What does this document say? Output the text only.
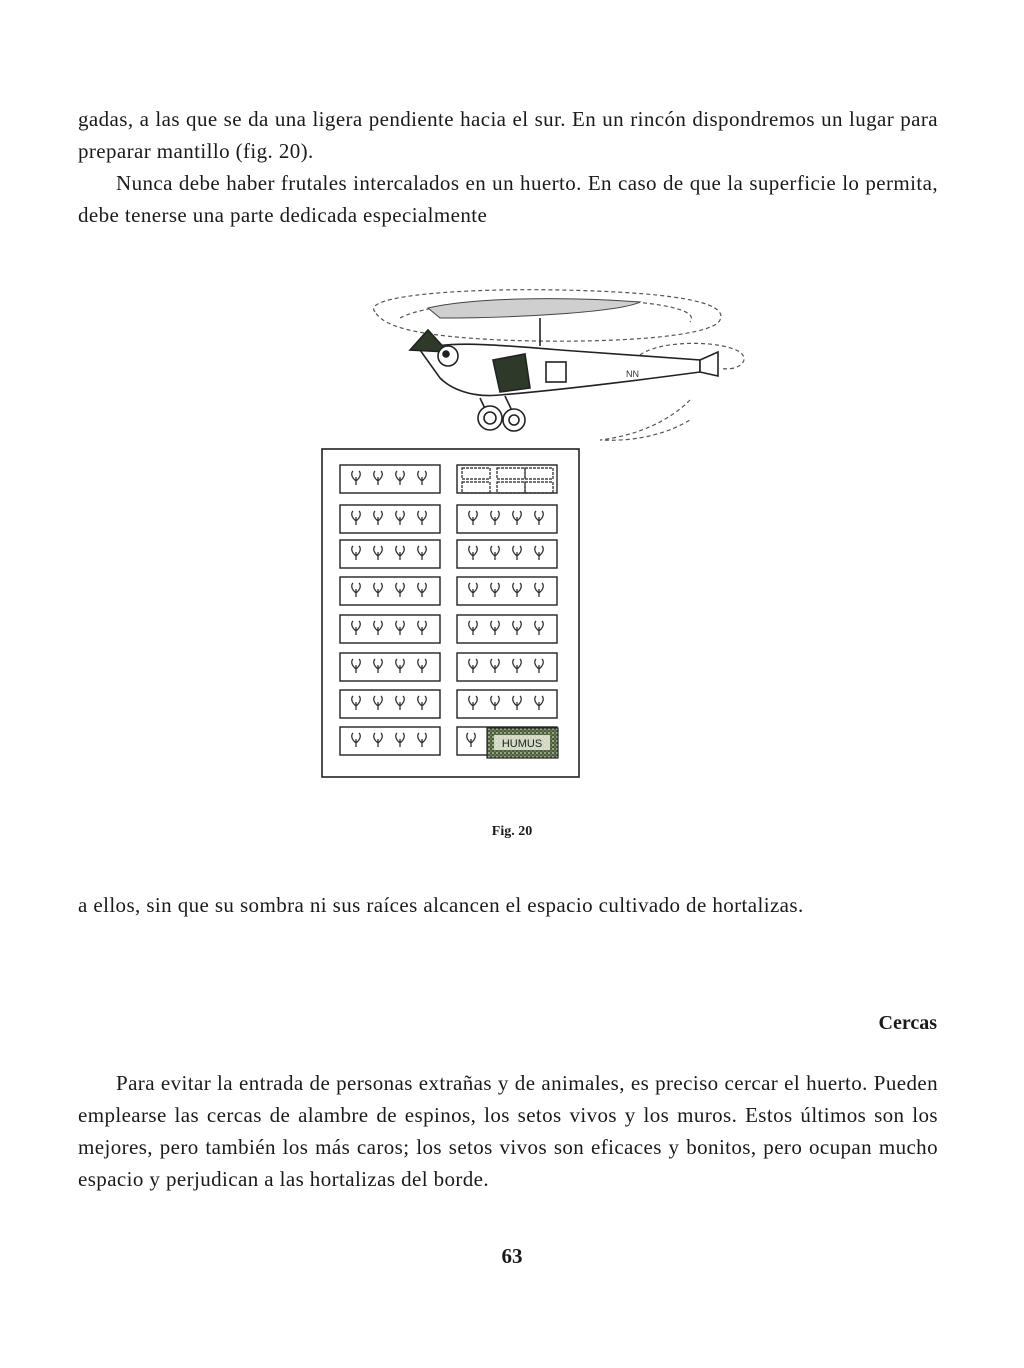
gadas, a las que se da una ligera pendiente hacia el sur. En un rincón dispondremos un lugar para preparar mantillo (fig. 20).

Nunca debe haber frutales intercalados en un huerto. En caso de que la superficie lo permita, debe tenerse una parte dedicada especialmente

NN
HUMUS
Fig. 20

a ellos, sin que su sombra ni sus raíces alcancen el espacio cultivado de hortalizas.

Cercas

Para evitar la entrada de personas extrañas y de animales, es preciso cercar el huerto. Pueden emplearse las cercas de alambre de espinos, los setos vivos y los muros. Estos últimos son los mejores, pero también los más caros; los setos vivos son eficaces y bonitos, pero ocupan mucho espacio y perjudican a las hortalizas del borde.

63
